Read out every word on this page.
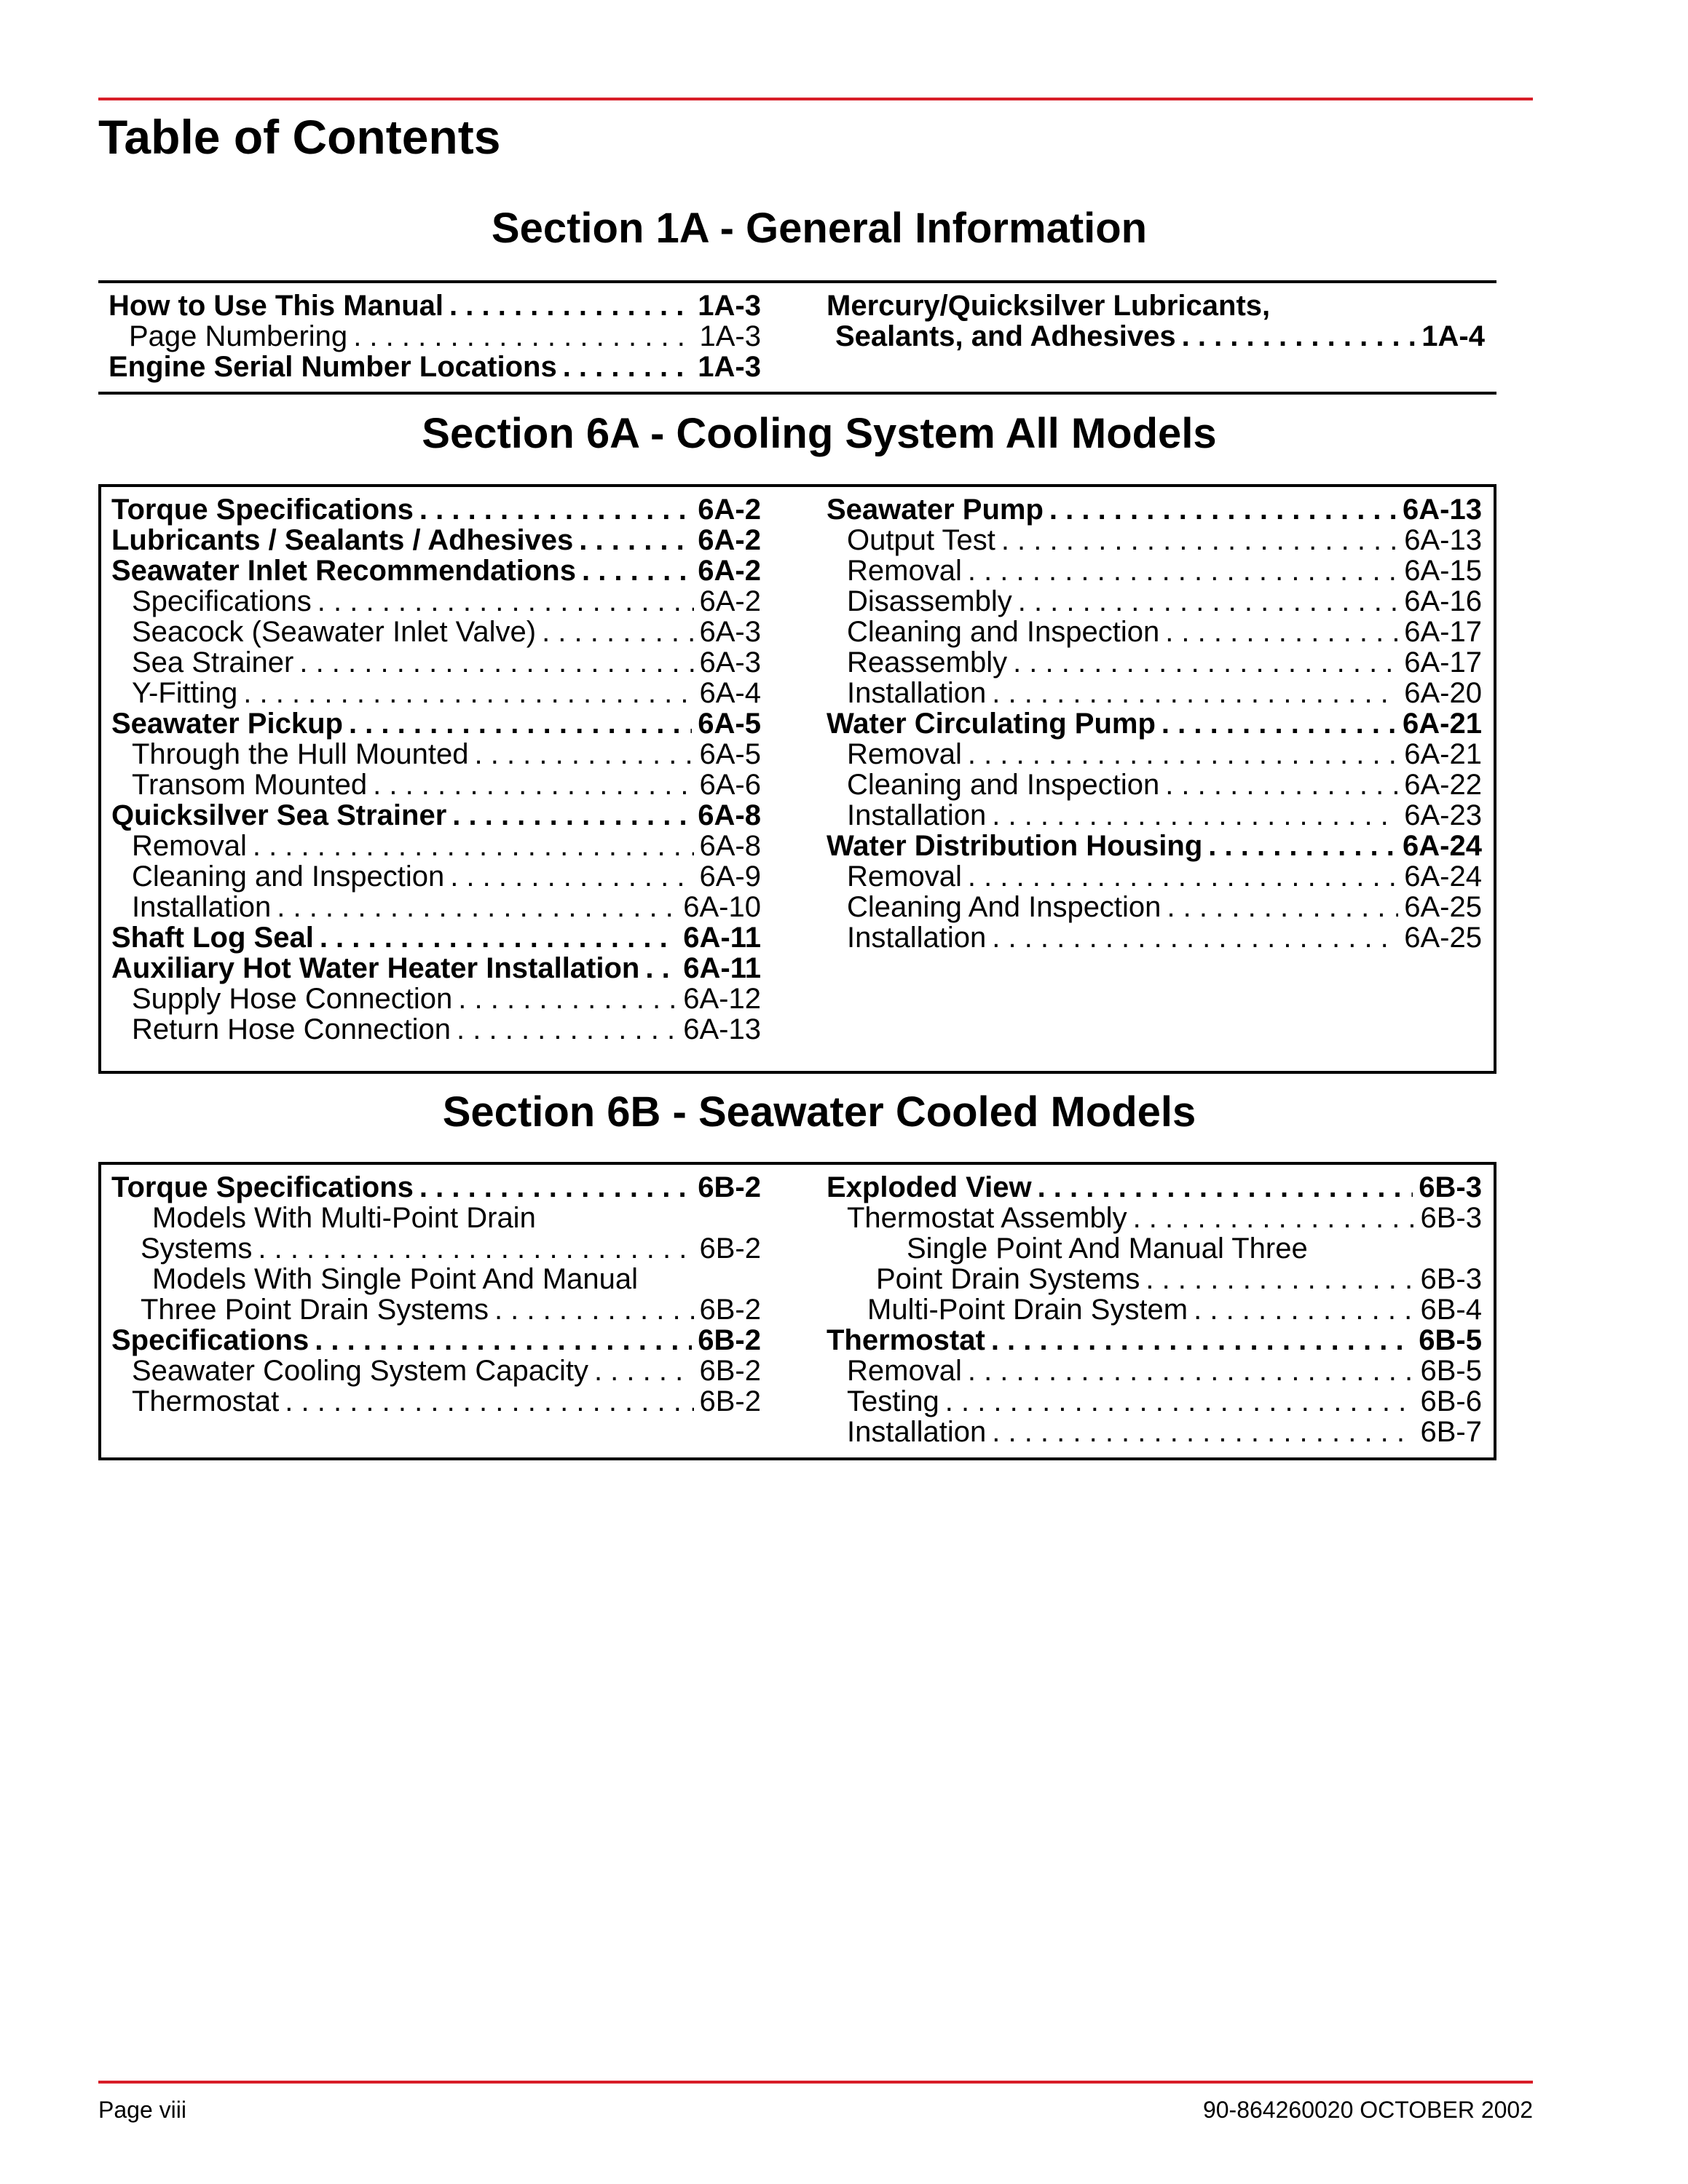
Table of Contents
Section 1A - General Information
How to Use This Manual . . .	1A-3
Page Numbering . . .	1A-3
Engine Serial Number Locations . . .	1A-3
Mercury/Quicksilver Lubricants,
Sealants, and Adhesives . . .	1A-4
Section 6A - Cooling System All Models
Torque Specifications . . .	6A-2
Lubricants / Sealants / Adhesives . . .	6A-2
Seawater Inlet Recommendations . . .	6A-2
Specifications . . .	6A-2
Seacock (Seawater Inlet Valve) . . .	6A-3
Sea Strainer . . .	6A-3
Y-Fitting . . .	6A-4
Seawater Pickup . . .	6A-5
Through the Hull Mounted . . .	6A-5
Transom Mounted . . .	6A-6
Quicksilver Sea Strainer . . .	6A-8
Removal . . .	6A-8
Cleaning and Inspection . . .	6A-9
Installation . . .	6A-10
Shaft Log Seal . . .	6A-11
Auxiliary Hot Water Heater Installation . . . 6A-11
Supply Hose Connection . . .	6A-12
Return Hose Connection . . .	6A-13
Seawater Pump . . .	6A-13
Output Test . . .	6A-13
Removal . . .	6A-15
Disassembly . . .	6A-16
Cleaning and Inspection . . .	6A-17
Reassembly . . .	6A-17
Installation . . .	6A-20
Water Circulating Pump . . .	6A-21
Removal . . .	6A-21
Cleaning and Inspection . . .	6A-22
Installation . . .	6A-23
Water Distribution Housing . . .	6A-24
Removal . . .	6A-24
Cleaning And Inspection . . .	6A-25
Installation . . .	6A-25
Section 6B - Seawater Cooled Models
Torque Specifications . . .	6B-2
Models With Multi-Point Drain
Systems . . .	6B-2
Models With Single Point And Manual
Three Point Drain Systems . . .	6B-2
Specifications . . .	6B-2
Seawater Cooling System Capacity . . .	6B-2
Thermostat . . .	6B-2
Exploded View . . .	6B-3
Thermostat Assembly . . .	6B-3
Single Point And Manual Three
Point Drain Systems . . .	6B-3
Multi-Point Drain System . . .	6B-4
Thermostat . . .	6B-5
Removal . . .	6B-5
Testing . . .	6B-6
Installation . . .	6B-7
Page viii	90-864260020 OCTOBER 2002
